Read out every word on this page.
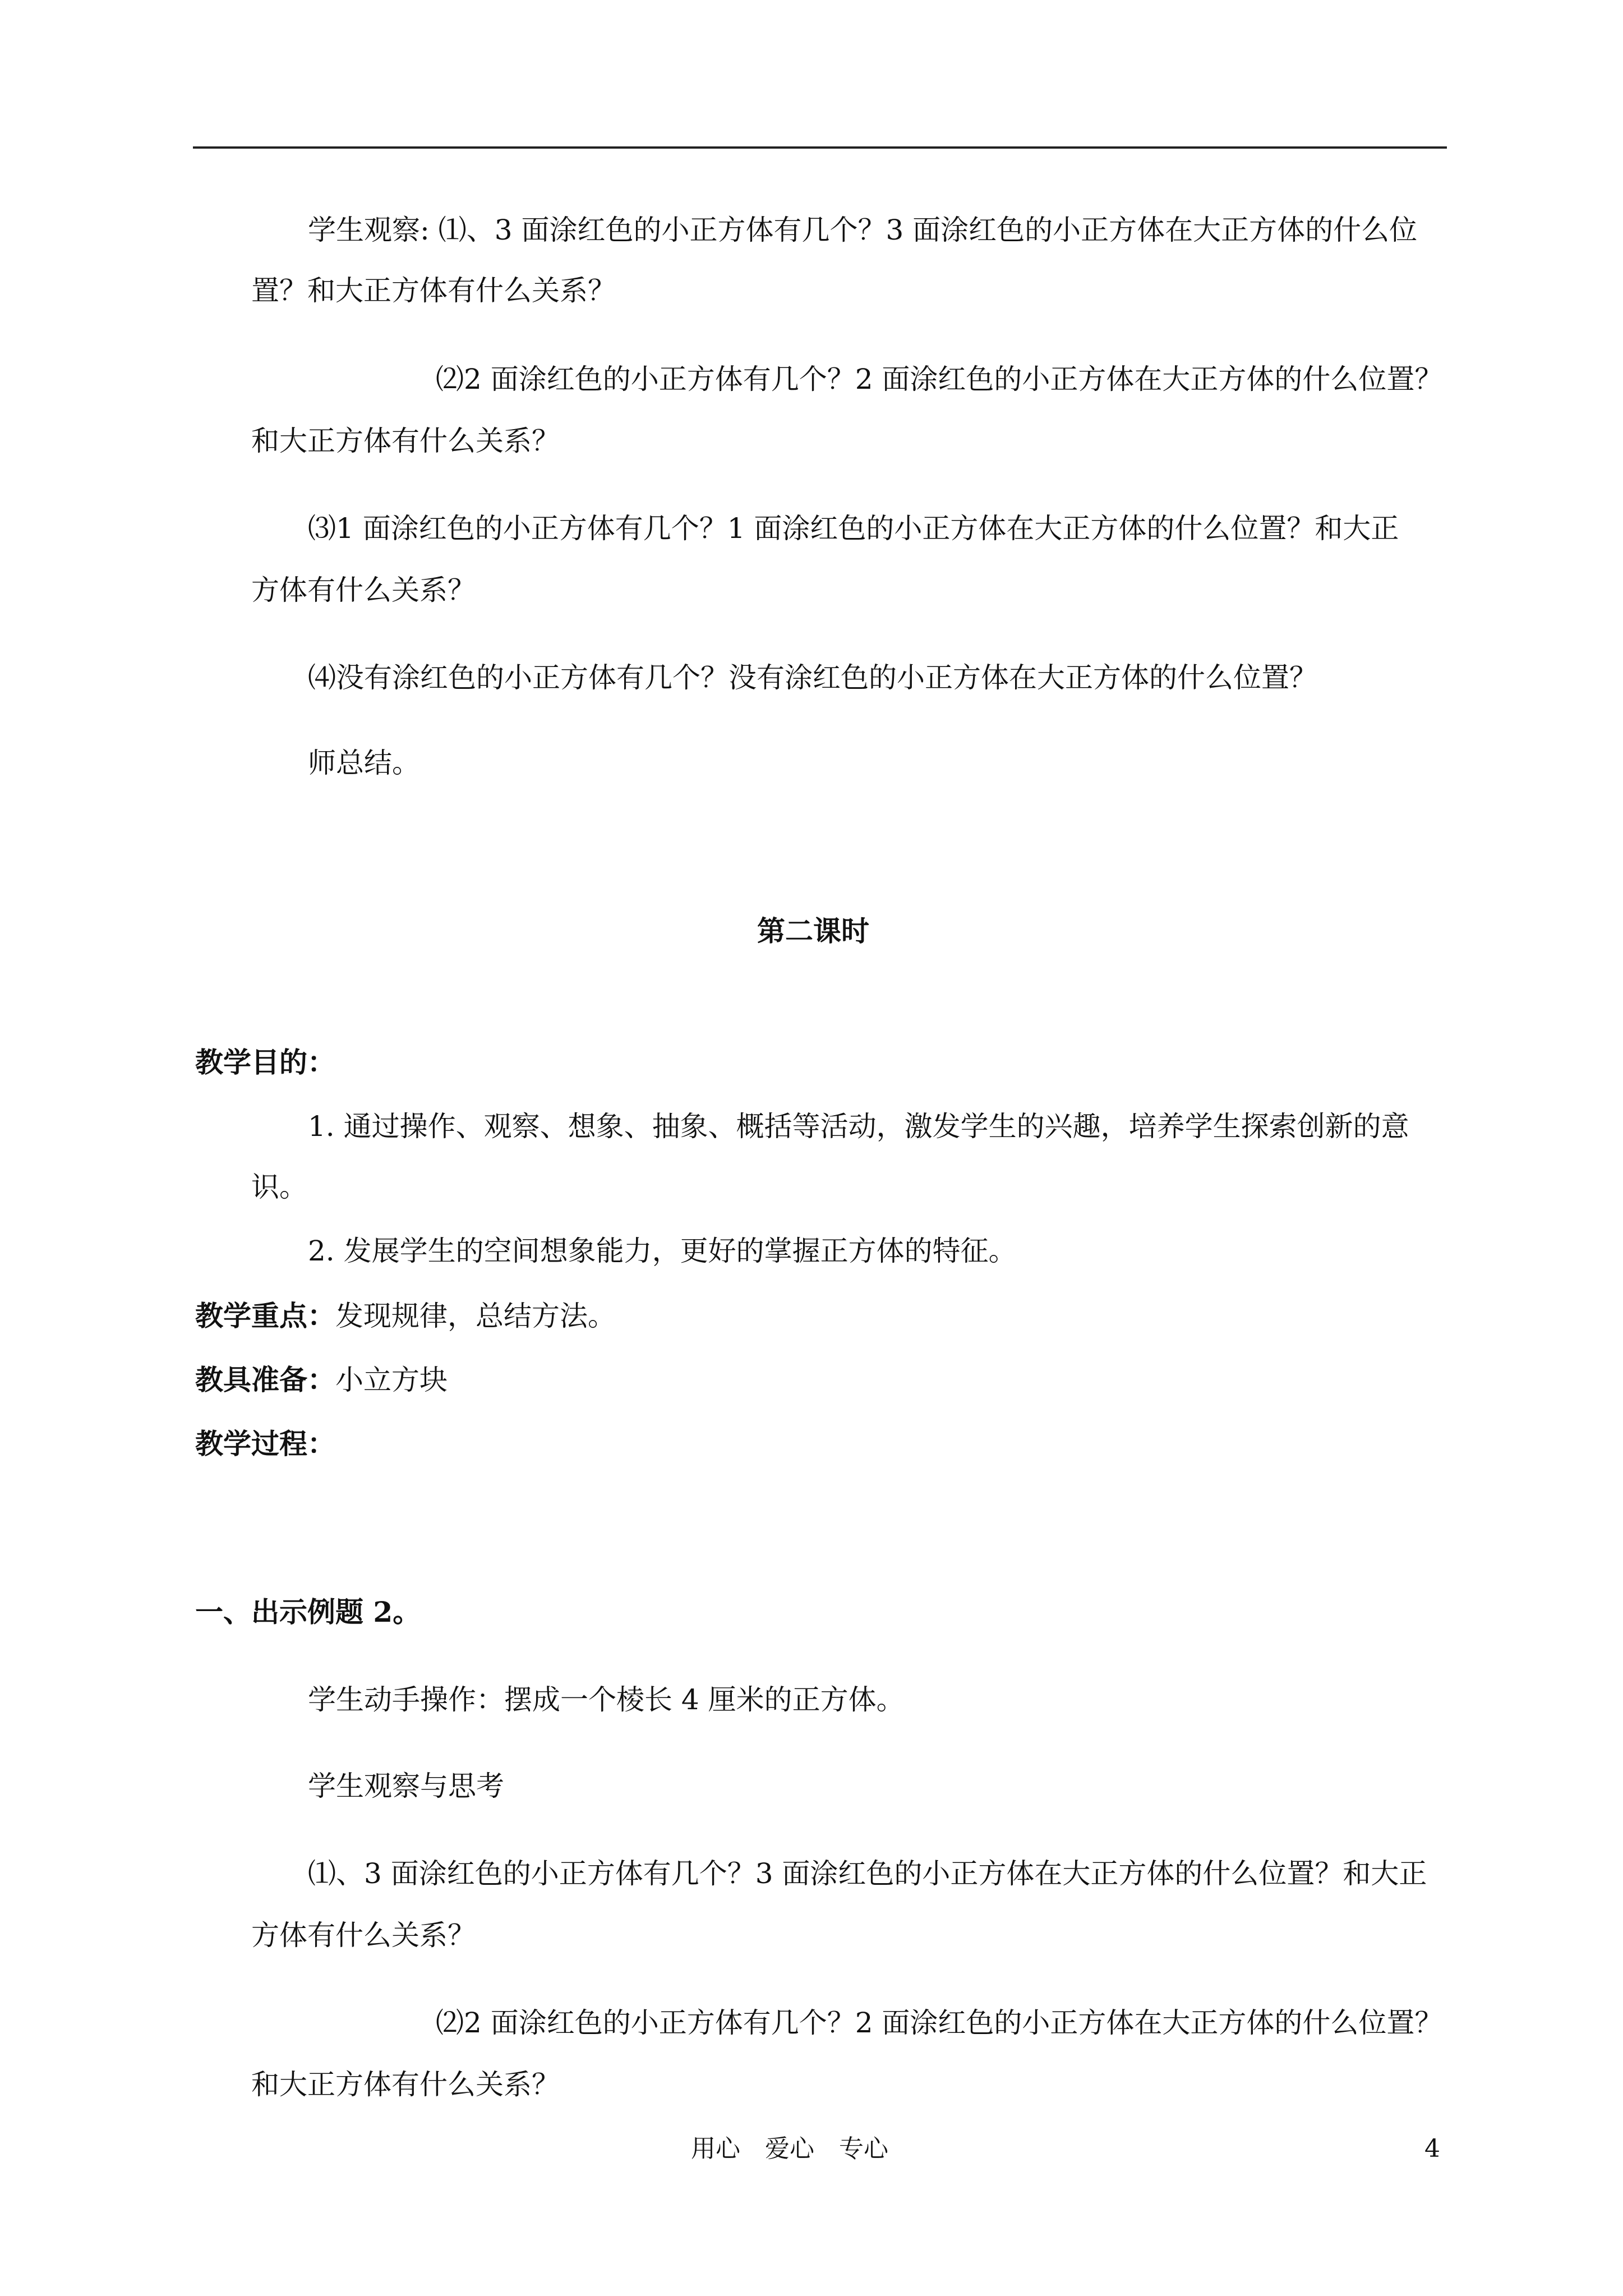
学生观察: ⑴、3 面涂红色的小正方体有几个？3 面涂红色的小正方体在大正方体的什么位
置？和大正方体有什么关系？
⑵2 面涂红色的小正方体有几个？2 面涂红色的小正方体在大正方体的什么位置？
和大正方体有什么关系？
⑶1 面涂红色的小正方体有几个？1 面涂红色的小正方体在大正方体的什么位置？和大正
方体有什么关系？
⑷没有涂红色的小正方体有几个？没有涂红色的小正方体在大正方体的什么位置？
师总结。
第二课时
教学目的：
1. 通过操作、观察、想象、抽象、概括等活动，激发学生的兴趣，培养学生探索创新的意
识。
2. 发展学生的空间想象能力，更好的掌握正方体的特征。
教学重点：发现规律，总结方法。
教具准备：小立方块
教学过程：
一、出示例题 2。
学生动手操作：摆成一个棱长 4 厘米的正方体。
学生观察与思考
⑴、3 面涂红色的小正方体有几个？3 面涂红色的小正方体在大正方体的什么位置？和大正
方体有什么关系？
⑵2 面涂红色的小正方体有几个？2 面涂红色的小正方体在大正方体的什么位置？
和大正方体有什么关系？
用心　爱心　专心	4
